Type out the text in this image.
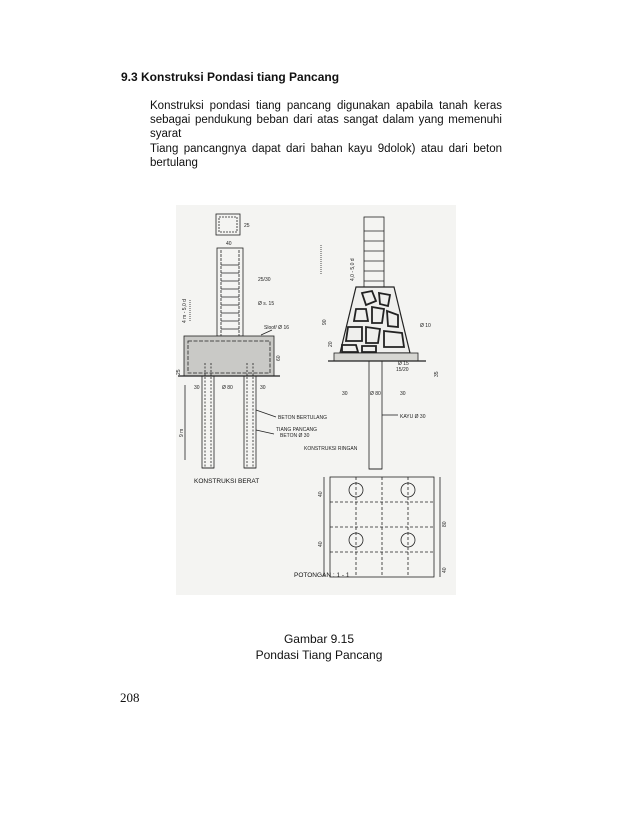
9.3 Konstruksi Pondasi tiang Pancang

Konstruksi pondasi tiang pancang digunakan apabila tanah keras sebagai pendukung beban dari atas sangat dalam yang memenuhi syarat

Tiang pancangnya dapat dari bahan kayu 9dolok) atau dari beton bertulang

25
40
25/30
4 m - 5,0 d	Ø s. 15
Sloof/ Ø 16
60
25
30	Ø 80	30
9 m
BETON BERTULANG
TIANG PANCANG
BETON Ø 30
KONSTRUKSI RINGAN
KONSTRUKSI BERAT
4,0 - 5,0 d
90
Ø 10
20
Ø 15
15/20
35
30	Ø 80	30
KAYU Ø 30
40
40
80
40
POTONGAN : 1 - 1
Gambar 9.15
Pondasi Tiang Pancang
208
